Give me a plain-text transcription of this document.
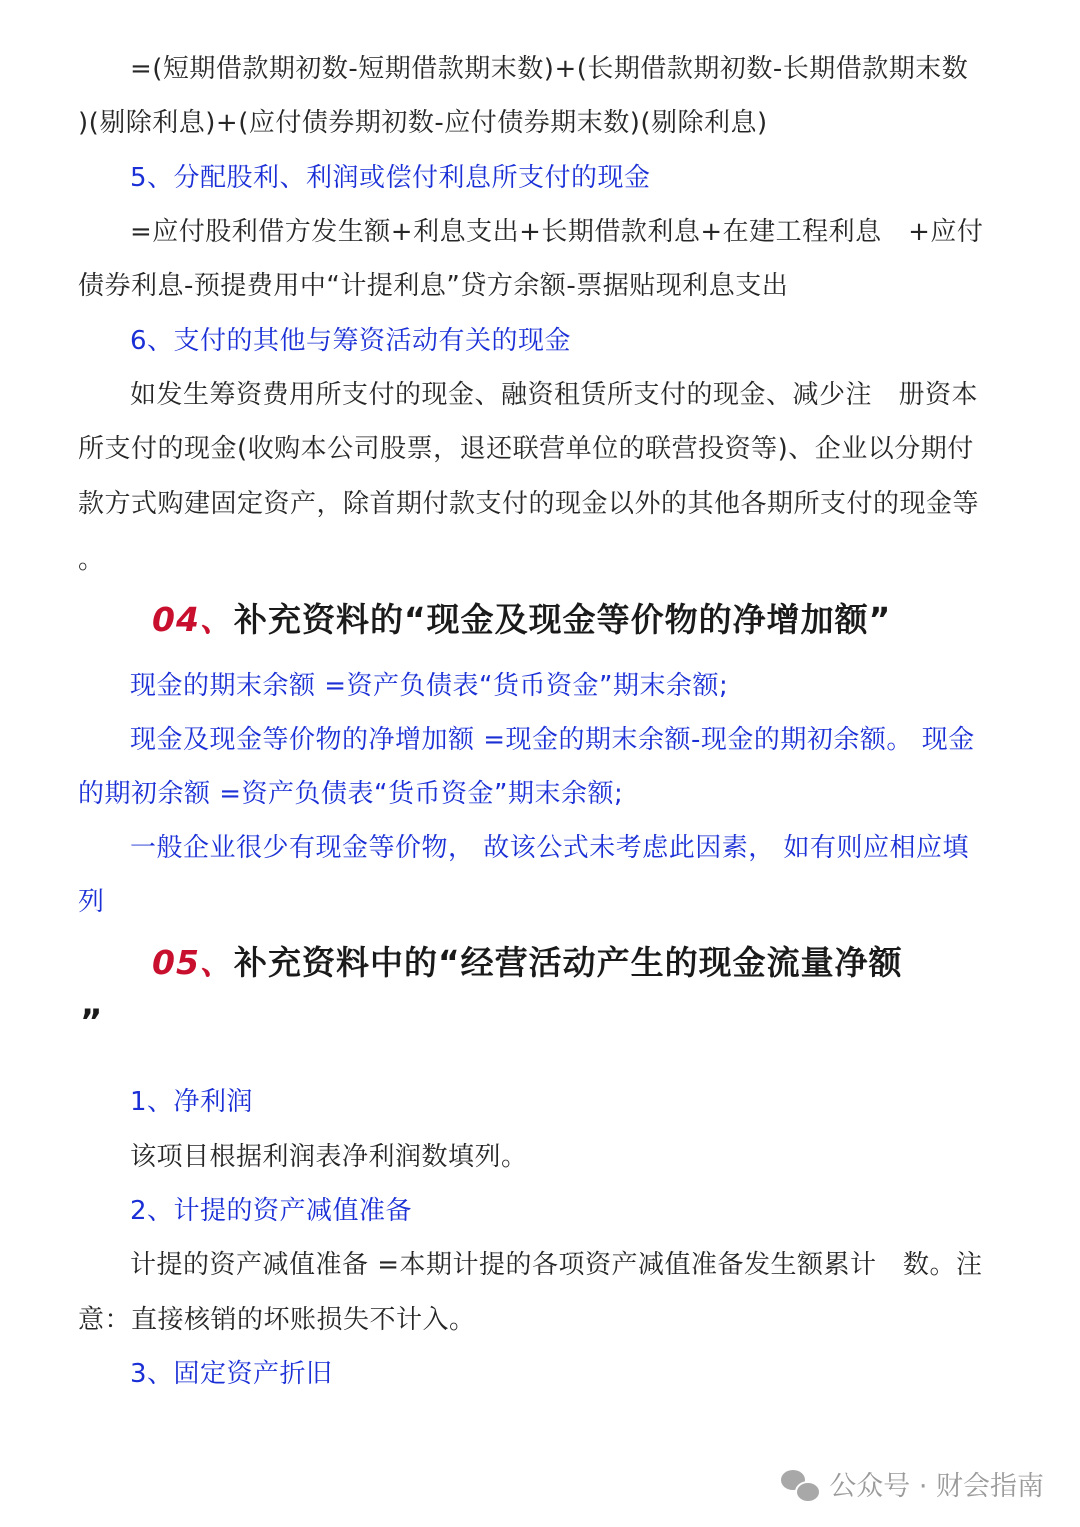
=(短期借款期初数-短期借款期末数)+(长期借款期初数-长期借款期末数
)(剔除利息)+(应付债券期初数-应付债券期末数)(剔除利息)
5、分配股利、利润或偿付利息所支付的现金
=应付股利借方发生额+利息支出+长期借款利息+在建工程利息　+应付
债券利息-预提费用中“计提利息”贷方余额-票据贴现利息支出
6、支付的其他与筹资活动有关的现金
如发生筹资费用所支付的现金、融资租赁所支付的现金、减少注　册资本
所支付的现金(收购本公司股票，退还联营单位的联营投资等)、企业以分期付
款方式购建固定资产，除首期付款支付的现金以外的其他各期所支付的现金等
。
04、补充资料的“现金及现金等价物的净增加额”
现金的期末余额 =资产负债表“货币资金”期末余额;
现金及现金等价物的净增加额 =现金的期末余额-现金的期初余额。 现金
的期初余额 =资产负债表“货币资金”期末余额;
一般企业很少有现金等价物， 故该公式未考虑此因素， 如有则应相应填
列
05、补充资料中的“经营活动产生的现金流量净额
”
1、净利润
该项目根据利润表净利润数填列。
2、计提的资产减值准备
计提的资产减值准备 =本期计提的各项资产减值准备发生额累计　数。注
意：直接核销的坏账损失不计入。
3、固定资产折旧
公众号 · 财会指南
